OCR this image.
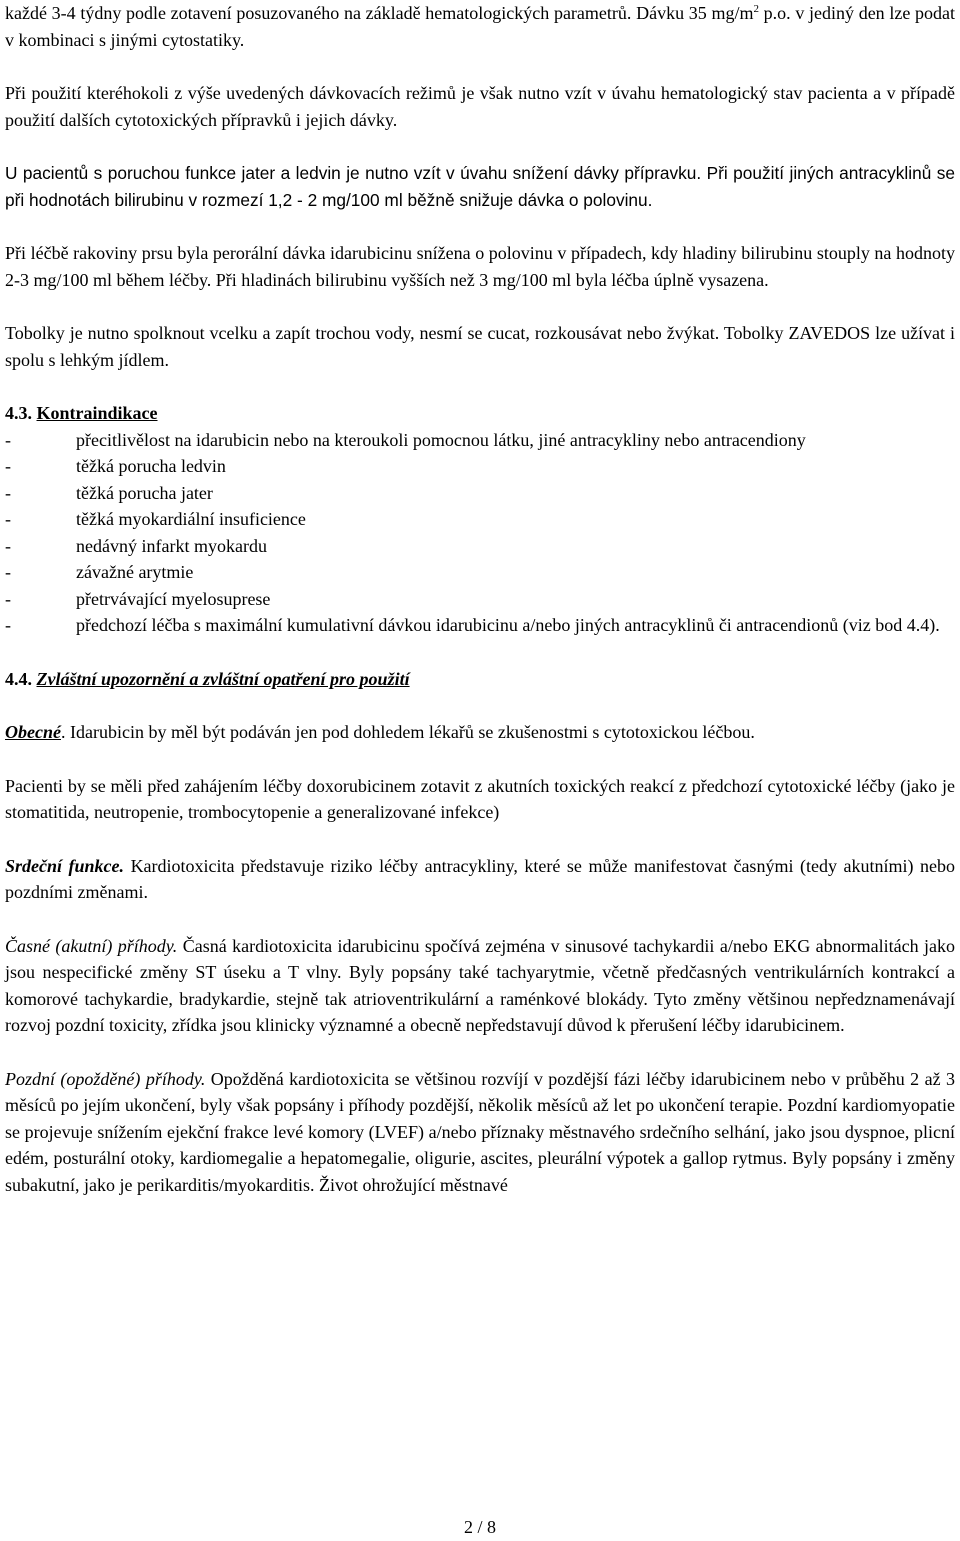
každé 3-4 týdny podle zotavení posuzovaného na základě hematologických parametrů. Dávku 35 $mg/m^2$ p.o. v jediný den lze podat v kombinaci s jinými cytostatiky.

Při použití kteréhokoli z výše uvedených dávkovacích režimů je však nutno vzít v úvahu hematologický stav pacienta a v případě použití dalších cytotoxických přípravků i jejich dávky.

U pacientů s poruchou funkce jater a ledvin je nutno vzít v úvahu snížení dávky přípravku. Při použití jiných antracyklinů se při hodnotách bilirubinu v rozmezí 1,2 - 2 mg/100 ml běžně snižuje dávka o polovinu.

Při léčbě rakoviny prsu byla perorální dávka idarubicinu snížena o polovinu v případech, kdy hladiny bilirubinu stouply na hodnoty 2-3 mg/100 ml během léčby. Při hladinách bilirubinu vyšších než 3 mg/100 ml byla léčba úplně vysazena.

Tobolky je nutno spolknout vcelku a zapít trochou vody, nesmí se cucat, rozkousávat nebo žvýkat. Tobolky ZAVEDOS lze užívat i spolu s lehkým jídlem.

4.3. Kontraindikace

-	přecitlivělost na idarubicin nebo na kteroukoli pomocnou látku, jiné antracykliny nebo antracendiony
-	těžká porucha ledvin
-	těžká porucha jater
-	těžká myokardiální insuficience
-	nedávný infarkt myokardu
-	závažné arytmie
-	přetrvávající myelosuprese
-	předchozí léčba s maximální kumulativní dávkou idarubicinu a/nebo jiných antracyklinů či antracendionů (viz bod 4.4).

4.4. Zvláštní upozornění a zvláštní opatření pro použití

Obecné. Idarubicin by měl být podáván jen pod dohledem lékařů se zkušenostmi s cytotoxickou léčbou.

Pacienti by se měli před zahájením léčby doxorubicinem zotavit z akutních toxických reakcí z předchozí cytotoxické léčby (jako je stomatitida, neutropenie, trombocytopenie a generalizované infekce)

Srdeční funkce. Kardiotoxicita představuje riziko léčby antracykliny, které se může manifestovat časnými (tedy akutními) nebo pozdními změnami.

Časné (akutní) příhody. Časná kardiotoxicita idarubicinu spočívá zejména v sinusové tachykardii a/nebo EKG abnormalitách jako jsou nespecifické změny ST úseku a T vlny. Byly popsány také tachyarytmie, včetně předčasných ventrikulárních kontrakcí a komorové tachykardie, bradykardie, stejně tak atrioventrikulární a raménkové blokády. Tyto změny většinou nepředznamenávají rozvoj pozdní toxicity, zřídka jsou klinicky významné a obecně nepředstavují důvod k přerušení léčby idarubicinem.

Pozdní (opožděné) příhody. Opožděná kardiotoxicita se většinou rozvíjí v pozdější fázi léčby idarubicinem nebo v průběhu 2 až 3 měsíců po jejím ukončení, byly však popsány i příhody pozdější, několik měsíců až let po ukončení terapie. Pozdní kardiomyopatie se projevuje snížením ejekční frakce levé komory (LVEF) a/nebo příznaky městnavého srdečního selhání, jako jsou dyspnoe, plicní edém, posturální otoky, kardiomegalie a hepatomegalie, oligurie, ascites, pleurální výpotek a gallop rytmus. Byly popsány i změny subakutní, jako je perikarditis/myokarditis. Život ohrožující městnavé

2 / 8
